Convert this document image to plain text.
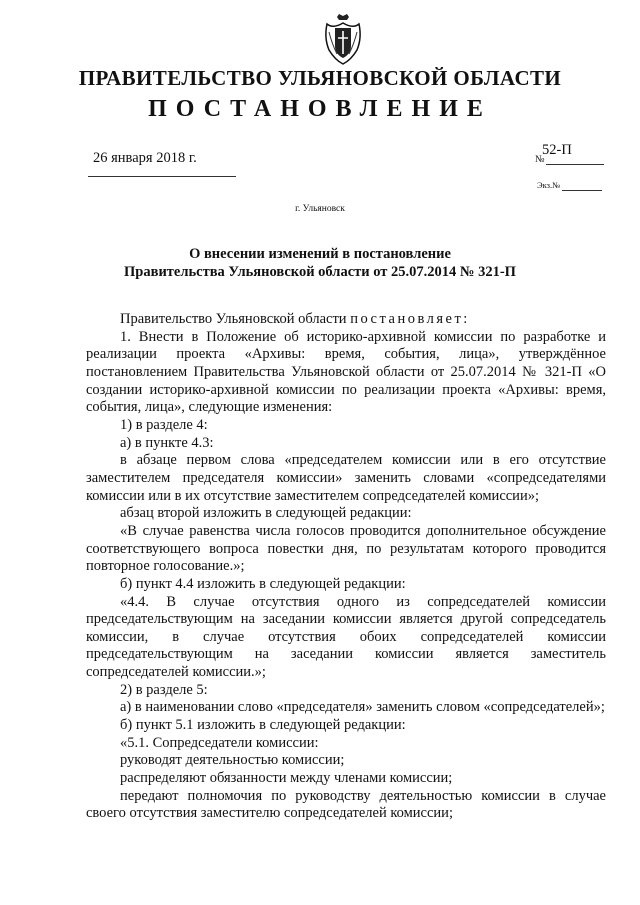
ПРАВИТЕЛЬСТВО УЛЬЯНОВСКОЙ ОБЛАСТИ
ПОСТАНОВЛЕНИЕ
26 января 2018 г.	№
52-П
Экз.№
г. Ульяновск
О внесении изменений в постановление
Правительства Ульяновской области от 25.07.2014 № 321-П

Правительство Ульяновской области постановляет:

1. Внести в Положение об историко-архивной комиссии по разработке и реализации проекта «Архивы: время, события, лица», утверждённое постановлением Правительства Ульяновской области от 25.07.2014 № 321-П «О создании историко-архивной комиссии по реализации проекта «Архивы: время, события, лица», следующие изменения:

1) в разделе 4:

а) в пункте 4.3:

в абзаце первом слова «председателем комиссии или в его отсутствие заместителем председателя комиссии» заменить словами «сопредседателями комиссии или в их отсутствие заместителем сопредседателей комиссии»;

абзац второй изложить в следующей редакции:

«В случае равенства числа голосов проводится дополнительное обсуждение соответствующего вопроса повестки дня, по результатам которого проводится повторное голосование.»;

б) пункт 4.4 изложить в следующей редакции:

«4.4. В случае отсутствия одного из сопредседателей комиссии председательствующим на заседании комиссии является другой сопредседатель комиссии, в случае отсутствия обоих сопредседателей комиссии председательствующим на заседании комиссии является заместитель сопредседателей комиссии.»;

2) в разделе 5:

а) в наименовании слово «председателя» заменить словом «сопредседателей»;

б) пункт 5.1 изложить в следующей редакции:

«5.1. Сопредседатели комиссии:

руководят деятельностью комиссии;

распределяют обязанности между членами комиссии;

передают полномочия по руководству деятельностью комиссии в случае своего отсутствия заместителю сопредседателей комиссии;
